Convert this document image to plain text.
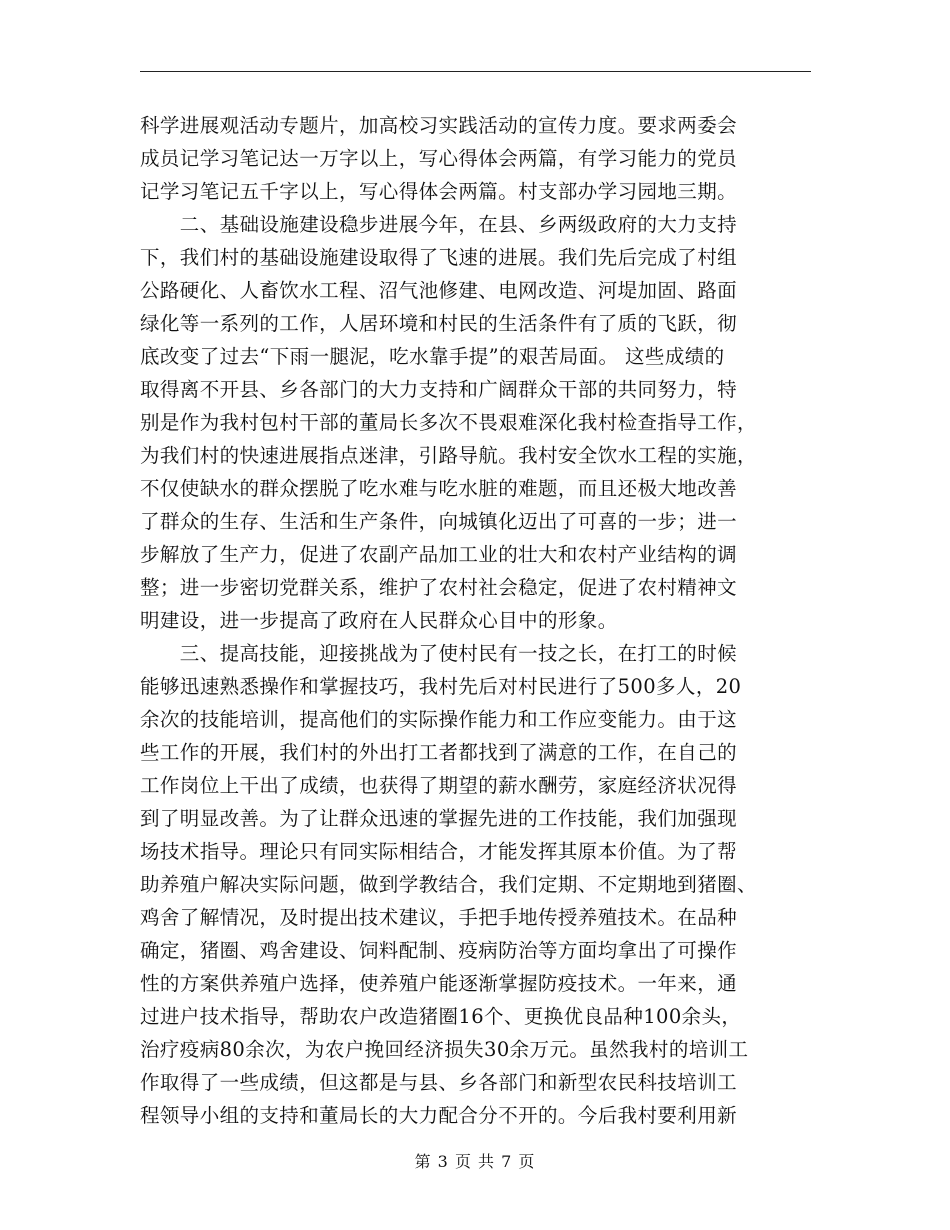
科学进展观活动专题片，加高校习实践活动的宣传力度。要求两委会
成员记学习笔记达一万字以上，写心得体会两篇，有学习能力的党员
记学习笔记五千字以上，写心得体会两篇。村支部办学习园地三期。
　　二、基础设施建设稳步进展今年，在县、乡两级政府的大力支持
下，我们村的基础设施建设取得了飞速的进展。我们先后完成了村组
公路硬化、人畜饮水工程、沼气池修建、电网改造、河堤加固、路面
绿化等一系列的工作，人居环境和村民的生活条件有了质的飞跃，彻
底改变了过去“下雨一腿泥，吃水靠手提”的艰苦局面。 这些成绩的
取得离不开县、乡各部门的大力支持和广阔群众干部的共同努力，特
别是作为我村包村干部的董局长多次不畏艰难深化我村检查指导工作，
为我们村的快速进展指点迷津，引路导航。我村安全饮水工程的实施，
不仅使缺水的群众摆脱了吃水难与吃水脏的难题，而且还极大地改善
了群众的生存、生活和生产条件，向城镇化迈出了可喜的一步；进一
步解放了生产力，促进了农副产品加工业的壮大和农村产业结构的调
整；进一步密切党群关系，维护了农村社会稳定，促进了农村精神文
明建设，进一步提高了政府在人民群众心目中的形象。
　　三、提高技能，迎接挑战为了使村民有一技之长，在打工的时候
能够迅速熟悉操作和掌握技巧，我村先后对村民进行了500多人，20
余次的技能培训，提高他们的实际操作能力和工作应变能力。由于这
些工作的开展，我们村的外出打工者都找到了满意的工作，在自己的
工作岗位上干出了成绩，也获得了期望的薪水酬劳，家庭经济状况得
到了明显改善。为了让群众迅速的掌握先进的工作技能，我们加强现
场技术指导。理论只有同实际相结合，才能发挥其原本价值。为了帮
助养殖户解决实际问题，做到学教结合，我们定期、不定期地到猪圈、
鸡舍了解情况，及时提出技术建议，手把手地传授养殖技术。在品种
确定，猪圈、鸡舍建设、饲料配制、疫病防治等方面均拿出了可操作
性的方案供养殖户选择，使养殖户能逐渐掌握防疫技术。一年来，通
过进户技术指导，帮助农户改造猪圈16个、更换优良品种100余头，
治疗疫病80余次，为农户挽回经济损失30余万元。虽然我村的培训工
作取得了一些成绩，但这都是与县、乡各部门和新型农民科技培训工
程领导小组的支持和董局长的大力配合分不开的。今后我村要利用新
第 3 页 共 7 页
